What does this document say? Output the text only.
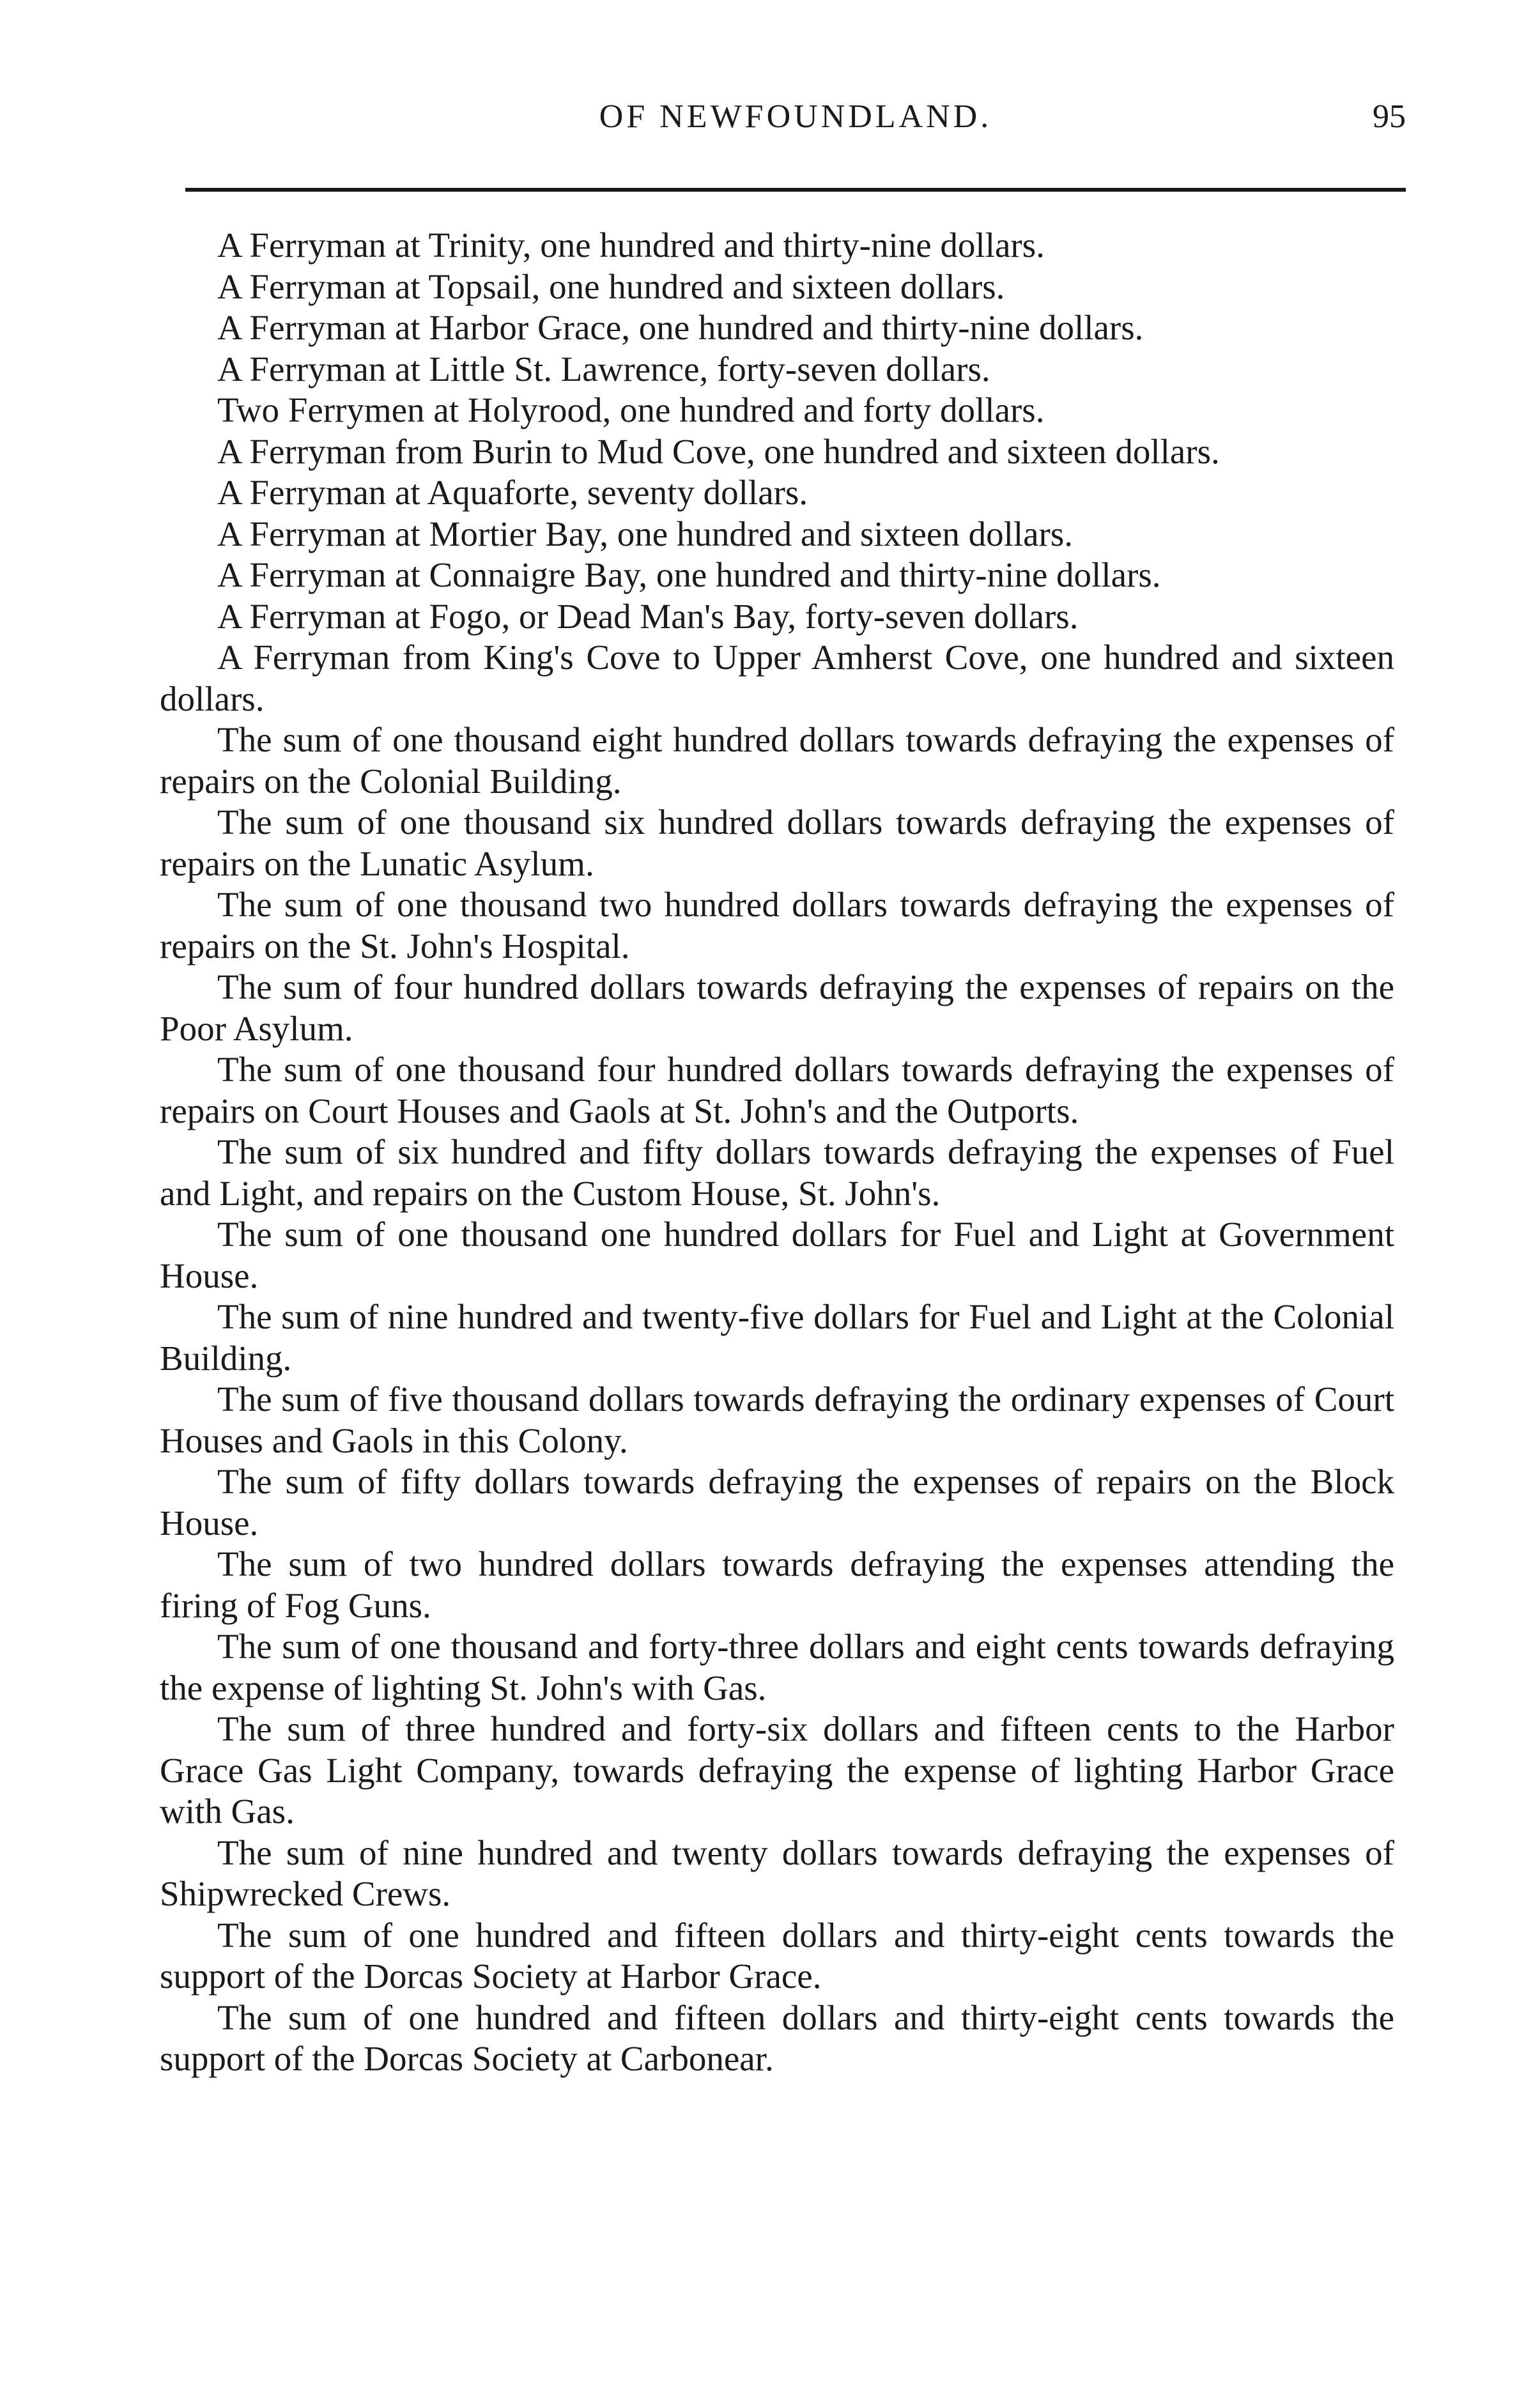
OF NEWFOUNDLAND.	95

A Ferryman at Trinity, one hundred and thirty-nine dollars.

A Ferryman at Topsail, one hundred and sixteen dollars.

A Ferryman at Harbor Grace, one hundred and thirty-nine dollars.

A Ferryman at Little St. Lawrence, forty-seven dollars.

Two Ferrymen at Holyrood, one hundred and forty dollars.

A Ferryman from Burin to Mud Cove, one hundred and sixteen dollars.

A Ferryman at Aquaforte, seventy dollars.

A Ferryman at Mortier Bay, one hundred and sixteen dollars.

A Ferryman at Connaigre Bay, one hundred and thirty-nine dollars.

A Ferryman at Fogo, or Dead Man's Bay, forty-seven dollars.

A Ferryman from King's Cove to Upper Amherst Cove, one hundred and sixteen dollars.

The sum of one thousand eight hundred dollars towards defraying the expenses of repairs on the Colonial Building.

The sum of one thousand six hundred dollars towards defraying the expenses of repairs on the Lunatic Asylum.

The sum of one thousand two hundred dollars towards defraying the expenses of repairs on the St. John's Hospital.

The sum of four hundred dollars towards defraying the expenses of repairs on the Poor Asylum.

The sum of one thousand four hundred dollars towards defraying the expenses of repairs on Court Houses and Gaols at St. John's and the Outports.

The sum of six hundred and fifty dollars towards defraying the expenses of Fuel and Light, and repairs on the Custom House, St. John's.

The sum of one thousand one hundred dollars for Fuel and Light at Government House.

The sum of nine hundred and twenty-five dollars for Fuel and Light at the Colonial Building.

The sum of five thousand dollars towards defraying the ordinary expenses of Court Houses and Gaols in this Colony.

The sum of fifty dollars towards defraying the expenses of repairs on the Block House.

The sum of two hundred dollars towards defraying the expenses attending the firing of Fog Guns.

The sum of one thousand and forty-three dollars and eight cents towards defraying the expense of lighting St. John's with Gas.

The sum of three hundred and forty-six dollars and fifteen cents to the Harbor Grace Gas Light Company, towards defraying the expense of lighting Harbor Grace with Gas.

The sum of nine hundred and twenty dollars towards defraying the expenses of Shipwrecked Crews.

The sum of one hundred and fifteen dollars and thirty-eight cents towards the support of the Dorcas Society at Harbor Grace.

The sum of one hundred and fifteen dollars and thirty-eight cents towards the support of the Dorcas Society at Carbonear.
